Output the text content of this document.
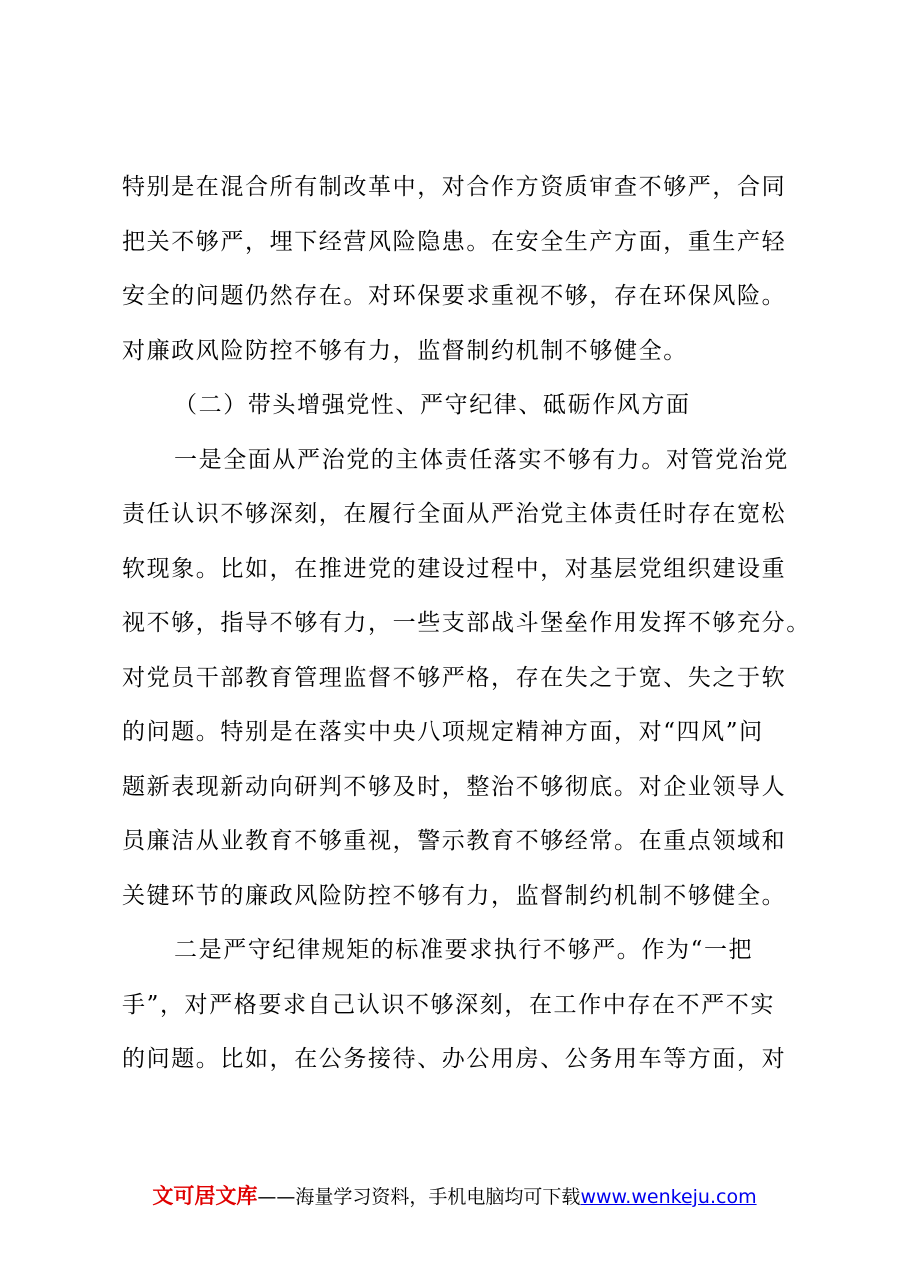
特别是在混合所有制改革中，对合作方资质审查不够严，合同
把关不够严，埋下经营风险隐患。在安全生产方面，重生产轻
安全的问题仍然存在。对环保要求重视不够，存在环保风险。
对廉政风险防控不够有力，监督制约机制不够健全。
（二）带头增强党性、严守纪律、砥砺作风方面
一是全面从严治党的主体责任落实不够有力。对管党治党
责任认识不够深刻，在履行全面从严治党主体责任时存在宽松
软现象。比如，在推进党的建设过程中，对基层党组织建设重
视不够，指导不够有力，一些支部战斗堡垒作用发挥不够充分。
对党员干部教育管理监督不够严格，存在失之于宽、失之于软
的问题。特别是在落实中央八项规定精神方面，对“四风”问
题新表现新动向研判不够及时，整治不够彻底。对企业领导人
员廉洁从业教育不够重视，警示教育不够经常。在重点领域和
关键环节的廉政风险防控不够有力，监督制约机制不够健全。
二是严守纪律规矩的标准要求执行不够严。作为“一把
手”，对严格要求自己认识不够深刻，在工作中存在不严不实
的问题。比如，在公务接待、办公用房、公务用车等方面，对
文可居文库——海量学习资料，手机电脑均可下载www.wenkeju.com
